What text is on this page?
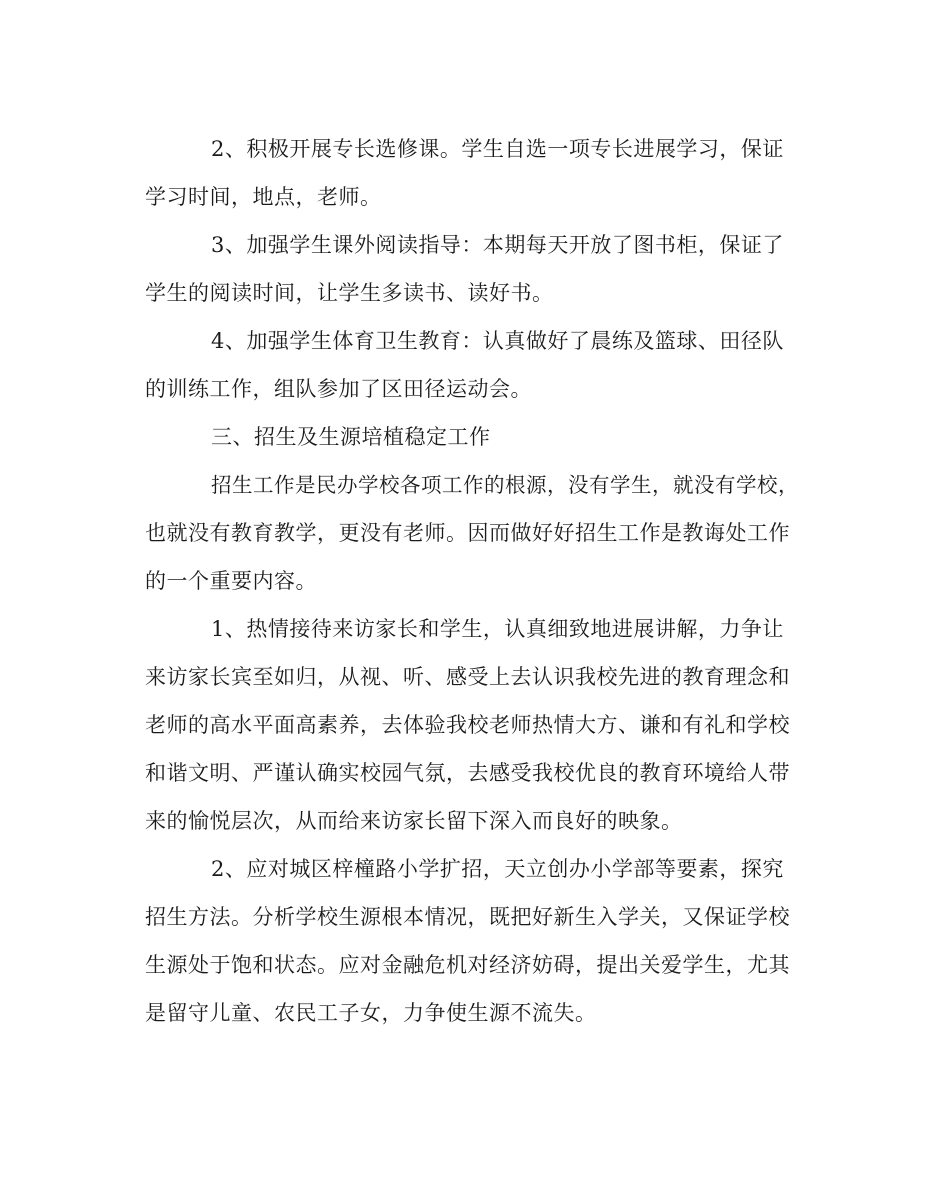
2、积极开展专长选修课。学生自选一项专长进展学习，保证
学习时间，地点，老师。

3、加强学生课外阅读指导：本期每天开放了图书柜，保证了
学生的阅读时间，让学生多读书、读好书。

4、加强学生体育卫生教育：认真做好了晨练及篮球、田径队
的训练工作，组队参加了区田径运动会。

三、招生及生源培植稳定工作

招生工作是民办学校各项工作的根源，没有学生，就没有学校，
也就没有教育教学，更没有老师。因而做好好招生工作是教诲处工作
的一个重要内容。

1、热情接待来访家长和学生，认真细致地进展讲解，力争让
来访家长宾至如归，从视、听、感受上去认识我校先进的教育理念和
老师的高水平面高素养，去体验我校老师热情大方、谦和有礼和学校
和谐文明、严谨认确实校园气氛，去感受我校优良的教育环境给人带
来的愉悦层次，从而给来访家长留下深入而良好的映象。

2、应对城区梓橦路小学扩招，天立创办小学部等要素，探究
招生方法。分析学校生源根本情况，既把好新生入学关，又保证学校
生源处于饱和状态。应对金融危机对经济妨碍，提出关爱学生，尤其
是留守儿童、农民工子女，力争使生源不流失。
